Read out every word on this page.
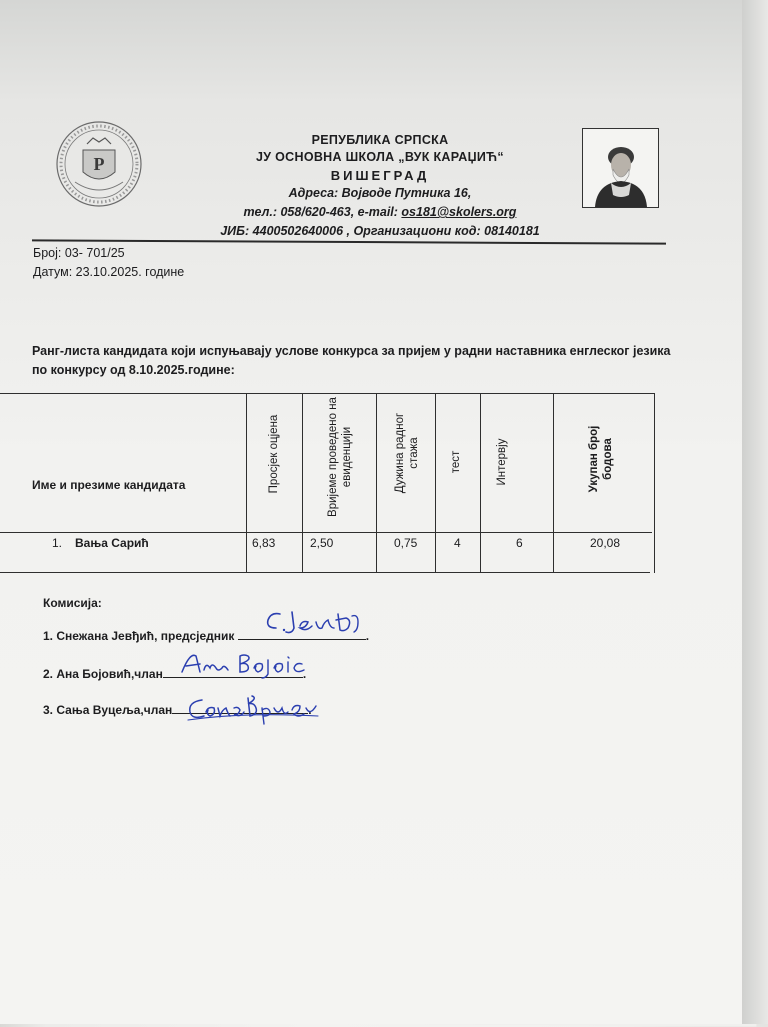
Р
РЕПУБЛИКА СРПСКА
ЈУ ОСНОВНА ШКОЛА „ВУК КАРАЏИЋ“
ВИШЕГРАД
Адреса: Војводе Путника 16,
тел.: 058/620-463, e-mail: os181@skolers.org
ЈИБ: 4400502640006 , Организациони код: 08140181
Број: 03- 701/25
Датум: 23.10.2025. године
Ранг-листа кандидата који испуњавају услове конкурса за пријем у радни наставника енглеског језика по конкурсу од 8.10.2025.године:
Име и презиме кандидата	Просјек оцјена	Вријеме проведено на евиденцији	Дужина радног стажа	тест	Интервју	Укупан број бодова
1. Вања Сарић	6,83	2,50	0,75	4	6	20,08
Комисија:
1. Снежана Јевђић, предсједник	.
2. Ана Бојовић,члан	.
3. Сања Вуцеља,члан	.
